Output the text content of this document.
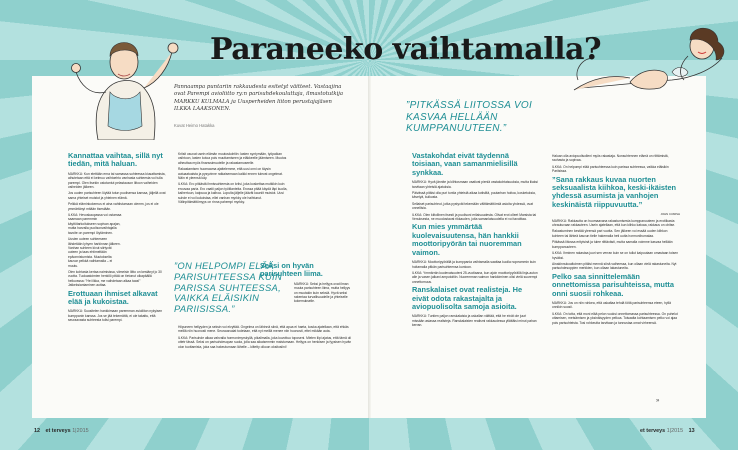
Paraneeko vaihtamalla?
Pannaampa puntariin rakkaudesta esitetyt väitteet. Vastaajina ovat Parempi avioliitto ry:n parisuhdekouluttaja, ilmastotutkija MARKKU KULMALA ja Uusperheiden liiton perustajajäsen ILKKA LAAKSONEN.
Kuvat Heimo Hatakka
Kannattaa vaihtaa, sillä nyt tiedän, mitä haluan.

MARKKU: Kun elettään erna tai samassa suhteessa kiusattamista, aihutetaan että ei kelmuu vaihtoehto vanhasta suhteesta voi tulla parempi. Olen itsekin ostotantut pelastauson liitoon vaiheiden vaiheiden jälkeen.

Jos uuden parisuhteen löytää tutun puolisensa kanssa, jäljellä ovat sama yhteiset muistot ja yhteinen elämä.

Pelkkä eläminkokemus ei aina vahtistumaan olemm, jos ei ole ymmärtänyt mitään itsestään.

ILKKA: Hevoskaupassa voi ostamaa saamaan paremmin käyttötarkoitukseen sopivan apajan, mutta harvalla puolisonvaihtajalla tavoite on parempi löytäminen.

Uusien uuteen suhteeseen lähdetään lyhyen harkinnan jälkeen. Vanhan suhteen kivut siirtyvät uuteen ja taas ehtimeltään epäonnistumista. Muutokselta kauvar pelkkä vaihtamalla – ei muutu.

Olen kohtasta kertaa naimisissa, viimeisin liitto on kestänyt jo 30 vuotta. Tuokaatoimien henkilö pitää on tietonut olkapäällä heiluvassa: ”Hei ilkka, me vaihdetaan alkaa taas!” Jatkeksiantaminen auttaa.

Erottuaan ihmiset alkavat elää ja kukoistaa.

MARKKU: Suositelen hankkimaan paremman avioliiton nykyisen kumppanin kanssa. Jos se jää tekemättä, ei ole takattu, että seuraavasta suhteesta tulisi parempi.

Kriisit osuvat usein elämän muutoskohtiin: lasten syntymään, työpaikan vaihtoon, lasten kotoa pois muuttamiseen ja eläkkeelle jäämiseen. Muutos aiheuttaa myös finanssimuutelle ja rakastamuseelle.

Rakastamisen huomaama ajattelemme, että uusi onni on täysin autuaatuaista ja pysyvinne ratkaisemaan kaikki ennen tulevat ongelmat. Näin ei yleensä käy.

ILKKA: Ero pitkästä ihmissuhteesta on kriisi, joka koskettaa mutkikin kuin erouvaa paria. Ero vaatii paljon työtilanteita. Erossa pitää käydä läpi kuolia, kaihertuun, kaipuua ja kaihoa. Lopulta jäljelle jäävät kauniit muistot. Uusi suhde ei voi kukoistaa, ellei vanhan myrkky ole haihtunut. Välinpitämättömyys on rinna pahempi myrkky.

”ON HELPOMPI ELÄÄ PARISUHTEESSA KUIN PARISSA SUHTEESSA, VAIKKA ELÄISIKIN PARIISISSA.”
Seksi on hyvän parisuhteen liima.

MARKKU: Seksi ja hellyys ovat ilman muuta parisuhteen liima, mutta hellyys on muutakin kuin seksiä. Hyvä seksi rakentaa turvallisuudelle ja yhteiselle kokemukselle.

Hiipuneen hellyyden ja seksin voi elvyttää. Ongelma on lähinnä siinä, että apua ei haeta, koska ajatellaan, että ehkäs meillä niin huonosti mene. Seurausvaiat todetaan, että nyt meillä menee niin huonosti, ettei mikään auta.

ILKKA: Parisuhde alkaa vahvalla hormonimyrskyllä, pikalimalla, joka kuvottuu toposeni. Mielen liipi ajatus, että tämä oli ottetr tässä. Seksi on parisuhdesopan suola, jolla saa aikaisemmin maistumaan. Hellyys on henkisen ja fyysisen hyvän olon tuottamista, joka saa hakeutumaan lähelle – kiitetty olkoon oksitosiini!

”PITKÄSSÄ LIITOSSA VOI KASVAA HELLÄÄN KUMPPANUUTEEN.”
Vastakohdat eivät täydennä toisiaan, vaan samanmielisillä synkkaa.

MARKKU: Hyvä jännite ja kiihtosmaan vaativat pieniä vastakohtaisuuksia, mutta liiaksi tarvitaan yhteisiä ajatuksia.

Päivässä pitäisi olla puri tuntia yhteistä aikaa kotisiltä, puutarhan hoitoa, kosketuksia, kävelyä, kuikusta.

Sellaiset parisuhteut, jotka pystyvät tekemään välttämättömiä asioita yhdessä, ovat onnellisia.

ILKKA: Olen kiitollinen itsesti ja puolisoni erilaisuudesta. Olivat erot olleet Marsista tai Venuksesta, ne muodostavat rikkauden, joita samanlaisuudella ei voi tavoittaa.

Kun mies ymmärtää kuolevaisuutensa, hän hankkii moottoripyörän tai nuoremman vaimon.

MARKKU: Moottoripyörällä ja kumppania vaihtamalla saattaa kuolla nopeammin kuin hoitamalla pitkän parisuhteensa kuntoon.

ILKKA: Ymmärrän kuolevaisuuteni 25-vuotiaana, kun ajoin moottoripyörällä linja-auton alle ja vasen jalkani amputoitiin. Nuoremman vaimon hankkiminen olisi vielä suurempi onnettomuus.

Ranskalaiset ovat realisteja. He eivät odota rakastajalta ja aviopuolisolta samoja asioita.

MARKKU: Tuntien paljon ranskalaisia ja uskallan väittää, että he eivät ole juuri missään asiassa realisteja. Ranskalaisten realismi rakkaudessa yllättäisi minut pahan kerran.

Haluan olla aviopuolisolleni myös rakastaja. Nonsuhtennen elämä on riittämistä, rauhasta ja sopivaa.

ILKKA: On helpompi elää parisuhteessa kuin parissa suhteessa, vaikka eläisikin Pariisissa.

”Sana rakkaus kuvaa nuorten seksuaalista kiihkoa, keski-ikäisten yhdessä asumista ja vanhojen keskinäistä riippuvuutta.”

JOHN CUMISH

MARKKU: Rakkautta on huomaavana rakastumisesta kumppanuuteen ja erotiikasta uhrautuvaan rakkauteen. Usein ajatellaan, että kun kiihko katoaa, rakkaus on ohitse.

Rakastuminen kestää yleensä pari vuotta. Sen jälkeen voi essää uuden kiihkon kohteen tai lähteä kasvun tielle hakemalla heti uutta hormonihumalaa.

Pitkässä liitossa erityisinä ja tulee riittävästi, mutta samalla voimme kasvaa hellään kumppanuuteen.

ILKKA: Ihminen rakastaa juuri sen verran kuin se on tullut kaipuutaan omastaan toisen hyväksi.

Ainakinnukoaltoimen pitäisi mennä siinä vaiheessa, kun ollaan vielä rakastuneita. Nyt parisuhdesoppien merkkien, kun ollaan lakastuneita.

Pelko saa sinnittelemään onnettomissa parisuhteissa, mutta onni suosii rohkeaa.

MARKKU: Jos on niin rohkea, että uskaltaa tehdä töitä parisuhteensa eteen, hyllä onnikin suosii.

ILKKA: On totta, että moni elää pelon vuoksi onnettomassa parisuhteessa. On puhelut ottamisen, metsämisen ja yksinäisyyden pelkoa. Toisaalta kohtaamisen pelko voi ajaa pois parisuhteista. Tosi rohkeutta tarvitaan ja tunnustaa omat virheensä.

»
12 et terveys 1|2015	et terveys 1|2015 13
